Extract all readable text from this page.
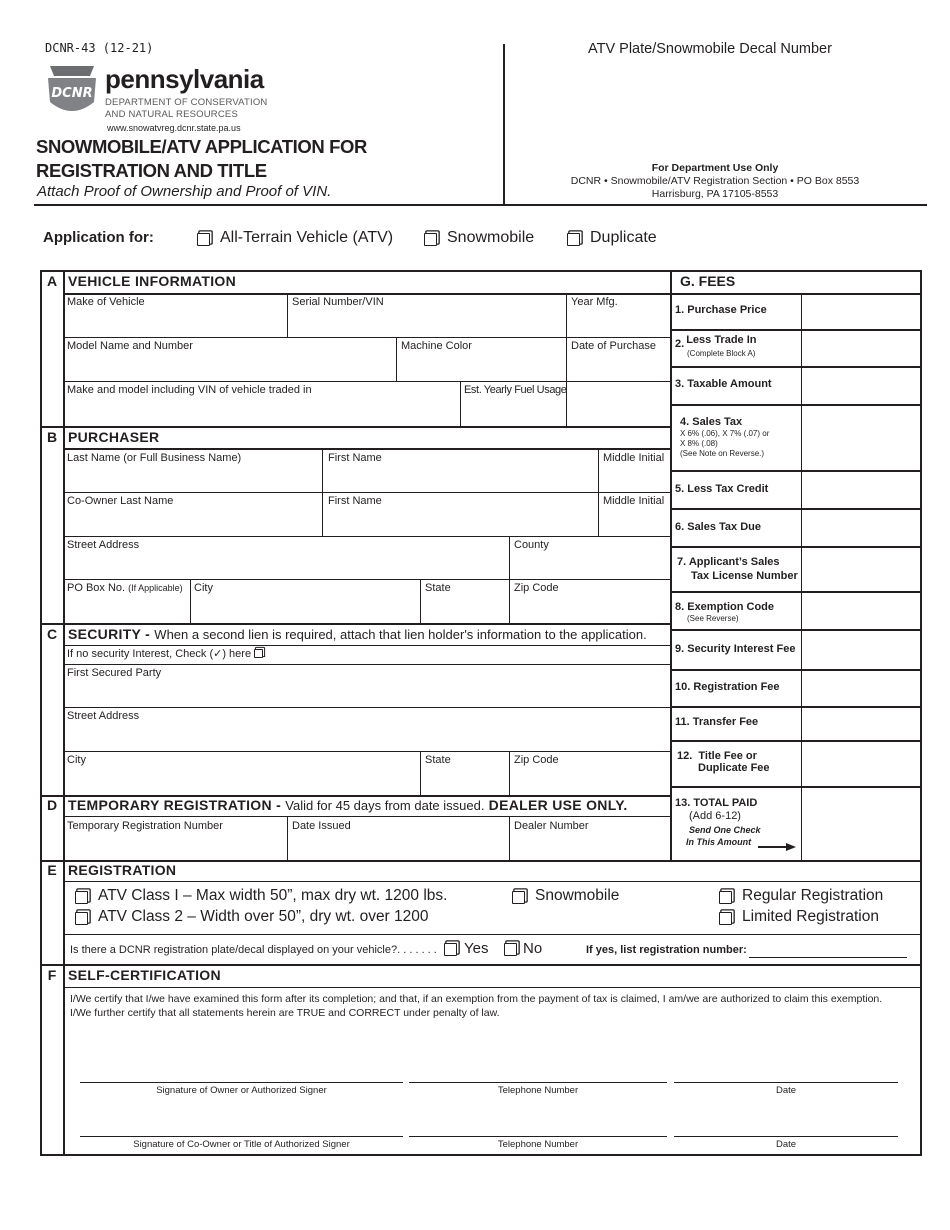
DCNR-43 (12-21)
DCNR pennsylvania
DEPARTMENT OF CONSERVATION
AND NATURAL RESOURCES
www.snowatvreg.dcnr.state.pa.us
SNOWMOBILE/ATV APPLICATION FOR
REGISTRATION AND TITLE
Attach Proof of Ownership and Proof of VIN.
ATV Plate/Snowmobile Decal Number
For Department Use Only
DCNR • Snowmobile/ATV Registration Section • PO Box 8553
Harrisburg, PA 17105-8553
Application for:	All-Terrain Vehicle (ATV)	Snowmobile	Duplicate
A VEHICLE INFORMATION
Make of Vehicle	Serial Number/VIN	Year Mfg.
Model Name and Number	Machine Color	Date of Purchase
Make and model including VIN of vehicle traded in	Est. Yearly Fuel Usage
B PURCHASER
Last Name (or Full Business Name)	First Name	Middle Initial
Co-Owner Last Name	First Name	Middle Initial
Street Address	County
PO Box No. (If Applicable) City	State	Zip Code
C SECURITY - When a second lien is required, attach that lien holder's information to the application.
If no security Interest, Check (✓) here .
First Secured Party
Street Address
City	State	Zip Code
D TEMPORARY REGISTRATION - Valid for 45 days from date issued. DEALER USE ONLY.
Temporary Registration Number	Date Issued	Dealer Number
G. FEES
1. Purchase Price
2. Less Trade In
(Complete Block A)
3. Taxable Amount
4. Sales Tax
X 6% (.06), X 7% (.07) or
X 8% (.08)
(See Note on Reverse.)
5. Less Tax Credit
6. Sales Tax Due
7. Applicant’s Sales
Tax License Number
8. Exemption Code
(See Reverse)
9. Security Interest Fee
10. Registration Fee
11. Transfer Fee
12.  Title Fee or
Duplicate Fee
13. TOTAL PAID
(Add 6-12)
Send One Check
In This Amount
E REGISTRATION
ATV Class I – Max width 50”, max dry wt. 1200 lbs.
ATV Class 2 – Width over 50”, dry wt. over 1200
Snowmobile	Regular Registration
Limited Registration
Is there a DCNR registration plate/decal displayed on your vehicle?. . . . . . . Yes No	If yes, list registration number:
F SELF-CERTIFICATION
I/We certify that I/we have examined this form after its completion; and that, if an exemption from the payment of tax is claimed, I am/we are authorized to claim this exemption. I/We further certify that all statements herein are TRUE and CORRECT under penalty of law.
Signature of Owner or Authorized Signer	Telephone Number	Date
Signature of Co-Owner or Title of Authorized Signer	Telephone Number	Date
